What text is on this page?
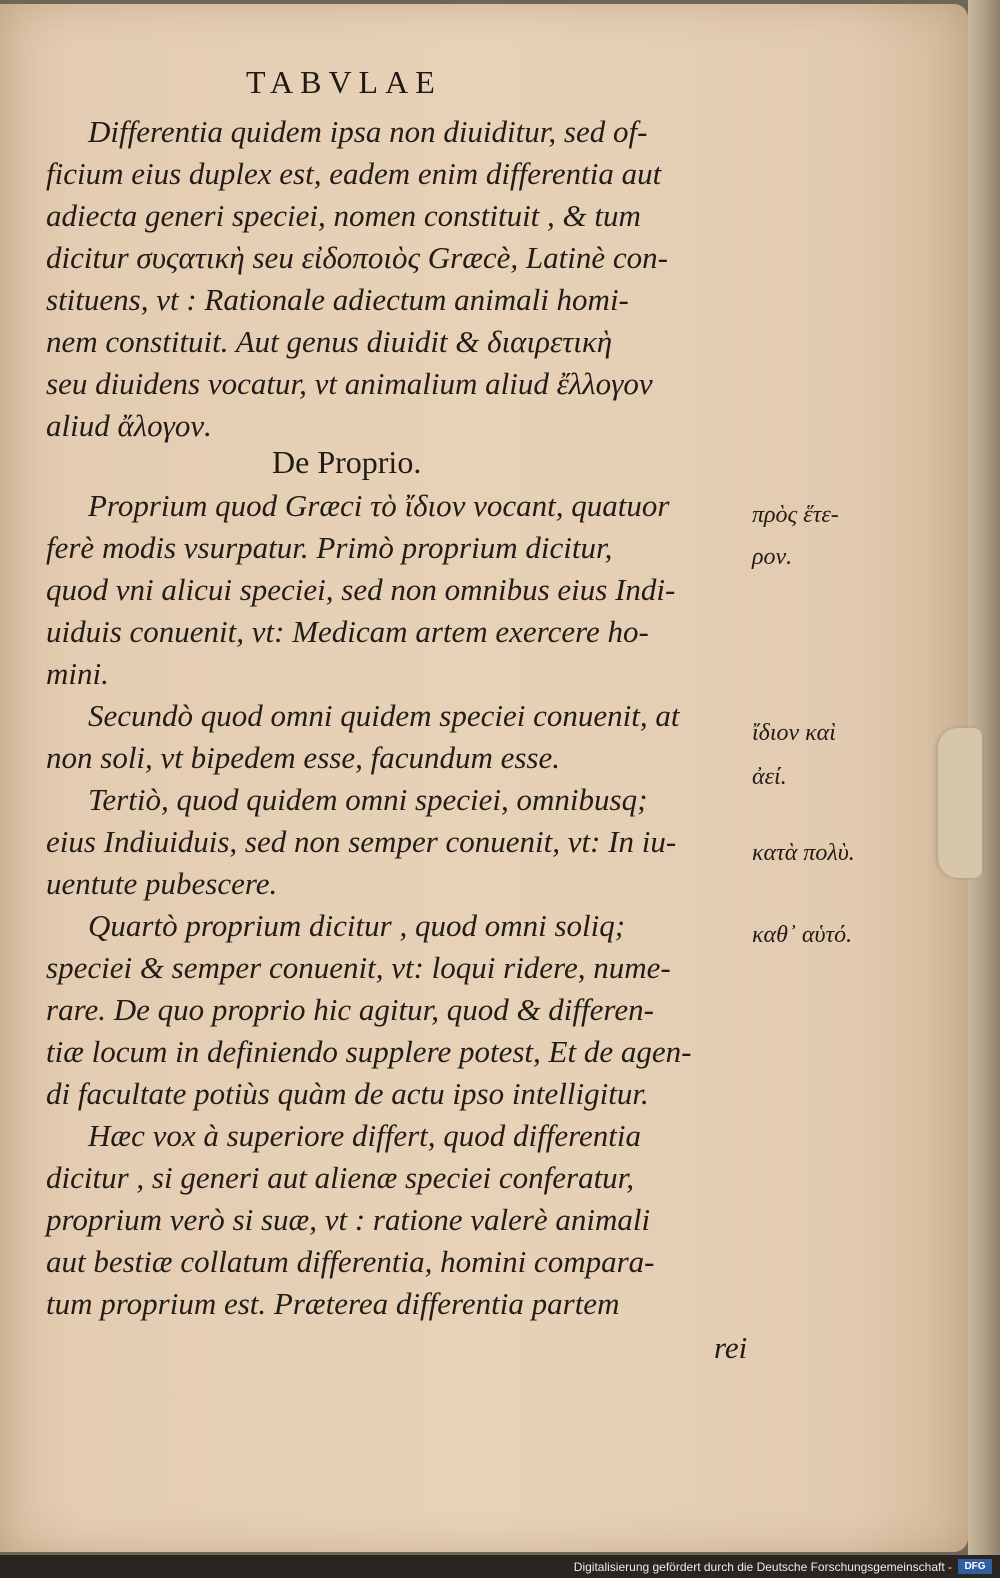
TABVLAE
Differentia quidem ipsa non diuiditur, sed of-
ficium eius duplex est, eadem enim differentia aut
adiecta generi speciei, nomen constituit , & tum
dicitur συςατικὴ seu εἰδοποιὸς Græcè, Latinè con-
stituens, vt : Rationale adiectum animali homi-
nem constituit. Aut genus diuidit & διαιρετικὴ
seu diuidens vocatur, vt animalium aliud ἔλλογον
aliud ἄλογον.
De Proprio.
Proprium quod Græci τὸ ἴδιον vocant, quatuor
ferè modis vsurpatur. Primò proprium dicitur,
quod vni alicui speciei, sed non omnibus eius Indi-
uiduis conuenit, vt: Medicam artem exercere ho-
mini.
Secundò quod omni quidem speciei conuenit, at
non soli, vt bipedem esse, facundum esse.
Tertiò, quod quidem omni speciei, omnibusq;
eius Indiuiduis, sed non semper conuenit, vt: In iu-
uentute pubescere.
Quartò proprium dicitur , quod omni soliq;
speciei & semper conuenit, vt: loqui ridere, nume-
rare. De quo proprio hic agitur, quod & differen-
tiæ locum in definiendo supplere potest, Et de agen-
di facultate potiùs quàm de actu ipso intelligitur.
Hæc vox à superiore differt, quod differentia
dicitur , si generi aut alienæ speciei conferatur,
proprium verò si suæ, vt : ratione valerè animali
aut bestiæ collatum differentia, homini compara-
tum proprium est. Præterea differentia partem
rei
πρὸς ἕτε-
ρον.
ἴδιον καὶ
ἀεί.
κατὰ πολὺ.
καθ᾽ αὑτό.
Digitalisierung gefördert durch die Deutsche Forschungsgemeinschaft -	DFG
